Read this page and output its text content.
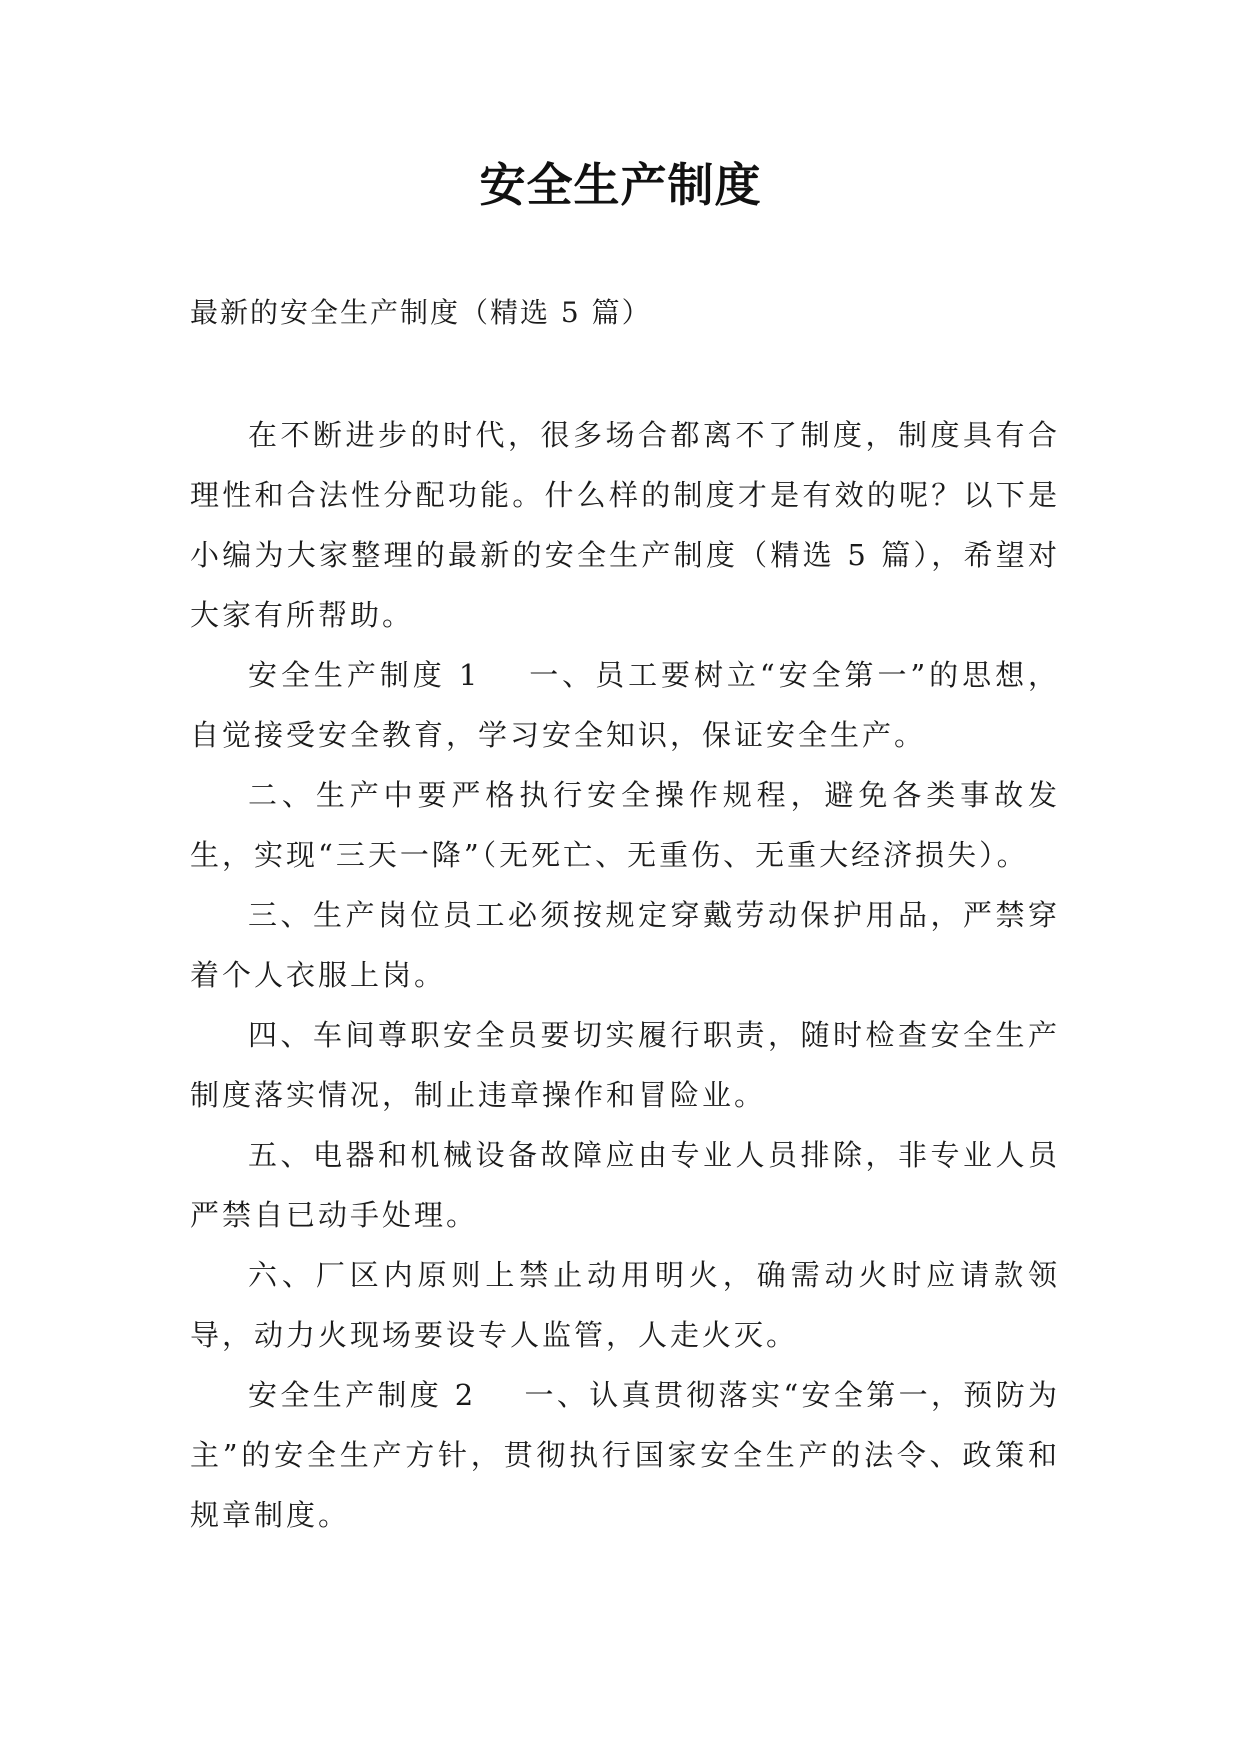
安全生产制度
最新的安全生产制度（精选 5 篇）

在不断进步的时代，很多场合都离不了制度，制度具有合理性和合法性分配功能。什么样的制度才是有效的呢？以下是小编为大家整理的最新的安全生产制度（精选 5 篇），希望对大家有所帮助。

安全生产制度 1 一、员工要树立“安全第一”的思想，自觉接受安全教育，学习安全知识，保证安全生产。

二、生产中要严格执行安全操作规程，避免各类事故发生，实现“三天一降”（无死亡、无重伤、无重大经济损失）。

三、生产岗位员工必须按规定穿戴劳动保护用品，严禁穿着个人衣服上岗。

四、车间尊职安全员要切实履行职责，随时检查安全生产制度落实情况，制止违章操作和冒险业。

五、电器和机械设备故障应由专业人员排除，非专业人员严禁自已动手处理。

六、厂区内原则上禁止动用明火，确需动火时应请款领导，动力火现场要设专人监管，人走火灭。

安全生产制度 2 一、认真贯彻落实“安全第一，预防为主”的安全生产方针，贯彻执行国家安全生产的法令、政策和规章制度。
